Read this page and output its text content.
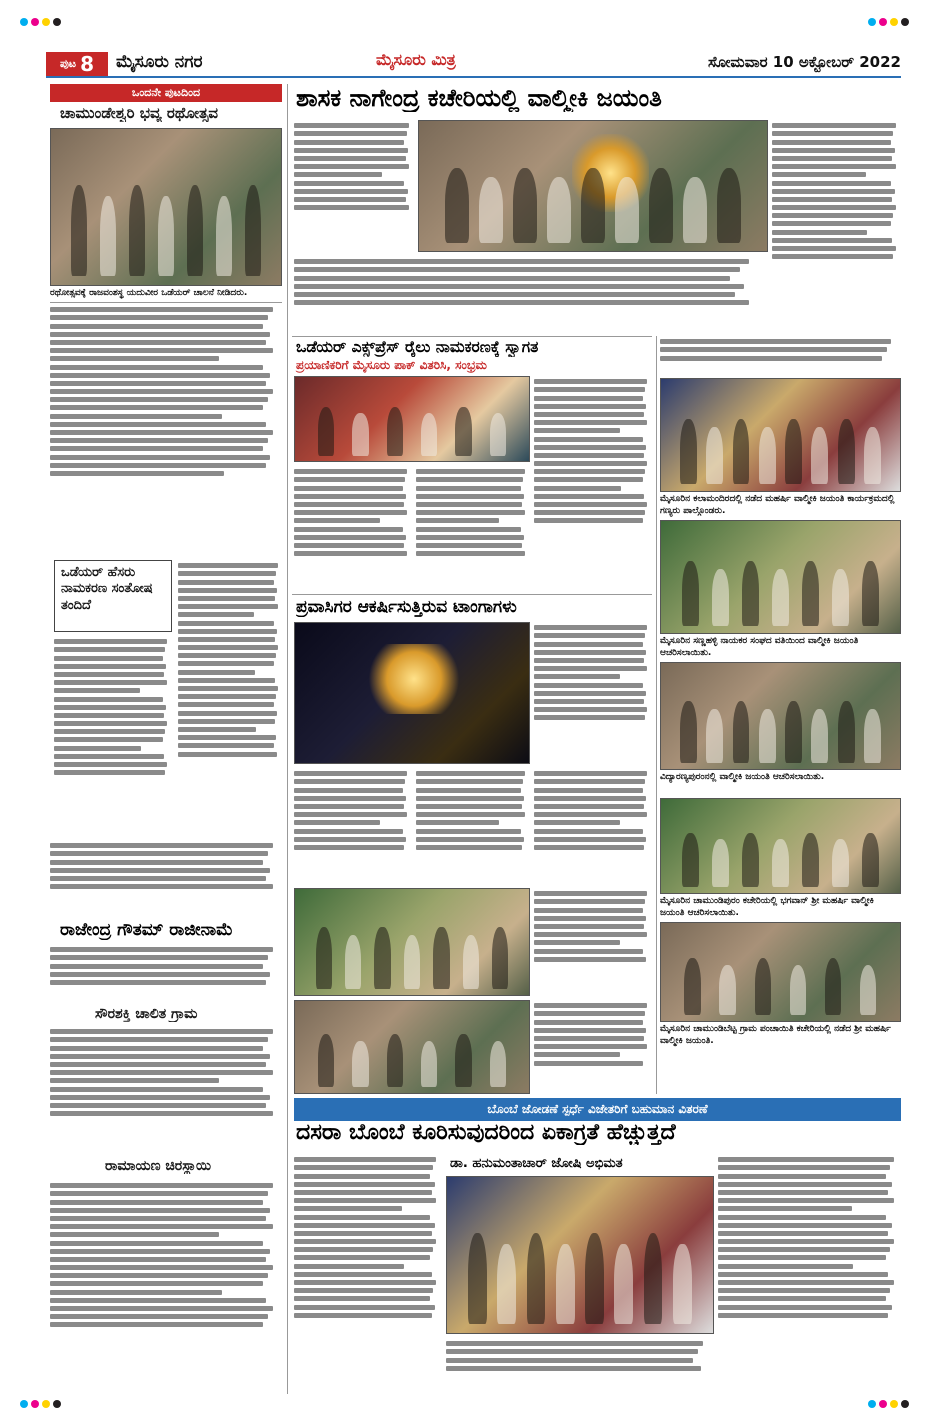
ಪುಟ 8 ಮೈಸೂರು ನಗರ	ಮೈಸೂರು ಮಿತ್ರ	ಸೋಮವಾರ 10 ಅಕ್ಟೋಬರ್ 2022
ಒಂದನೇ ಪುಟದಿಂದ
ಚಾಮುಂಡೇಶ್ವರಿ ಭವ್ಯ ರಥೋತ್ಸವ
ರಥೋತ್ಸವಕ್ಕೆ ರಾಜವಂಶಸ್ಥ ಯದುವೀರ ಒಡೆಯರ್ ಚಾಲನೆ ನೀಡಿದರು.
ಒಡೆಯರ್ ಹೆಸರು ನಾಮಕರಣ ಸಂತೋಷ ತಂದಿದೆ
ರಾಜೇಂದ್ರ ಗೌತಮ್ ರಾಜೀನಾಮೆ
ಸೌರಶಕ್ತಿ ಚಾಲಿತ ಗ್ರಾಮ
ರಾಮಾಯಣ ಚಿರಸ್ಥಾಯಿ
ಶಾಸಕ ನಾಗೇಂದ್ರ ಕಚೇರಿಯಲ್ಲಿ ವಾಲ್ಮೀಕಿ ಜಯಂತಿ
ಒಡೆಯರ್ ಎಕ್ಸ್‌ಪ್ರೆಸ್ ರೈಲು ನಾಮಕರಣಕ್ಕೆ ಸ್ವಾಗತ
ಪ್ರಯಾಣಿಕರಿಗೆ ಮೈಸೂರು ಪಾಕ್ ವಿತರಿಸಿ, ಸಂಭ್ರಮ
ಪ್ರವಾಸಿಗರ ಆಕರ್ಷಿಸುತ್ತಿರುವ ಟಾಂಗಾಗಳು
ಮೈಸೂರಿನ ಕಲಾಮಂದಿರದಲ್ಲಿ ನಡೆದ ಮಹರ್ಷಿ ವಾಲ್ಮೀಕಿ ಜಯಂತಿ ಕಾರ್ಯಕ್ರಮದಲ್ಲಿ ಗಣ್ಯರು ಪಾಲ್ಗೊಂಡರು.
ಮೈಸೂರಿನ ಸಣ್ಣಹಳ್ಳಿ ನಾಯಕರ ಸಂಘದ ವತಿಯಿಂದ ವಾಲ್ಮೀಕಿ ಜಯಂತಿ ಆಚರಿಸಲಾಯಿತು.
ವಿದ್ಯಾರಣ್ಯಪುರಂನಲ್ಲಿ ವಾಲ್ಮೀಕಿ ಜಯಂತಿ ಆಚರಿಸಲಾಯಿತು.
ಮೈಸೂರಿನ ಚಾಮುಂಡಿಪುರಂ ಕಚೇರಿಯಲ್ಲಿ ಭಗವಾನ್ ಶ್ರೀ ಮಹರ್ಷಿ ವಾಲ್ಮೀಕಿ ಜಯಂತಿ ಆಚರಿಸಲಾಯಿತು.
ಮೈಸೂರಿನ ಚಾಮುಂಡಿಬೆಟ್ಟ ಗ್ರಾಮ ಪಂಚಾಯಿತಿ ಕಚೇರಿಯಲ್ಲಿ ನಡೆದ ಶ್ರೀ ಮಹರ್ಷಿ ವಾಲ್ಮೀಕಿ ಜಯಂತಿ.
ಬೊಂಬೆ ಜೋಡಣೆ ಸ್ಪರ್ಧೆ ವಿಜೇತರಿಗೆ ಬಹುಮಾನ ವಿತರಣೆ
ದಸರಾ ಬೊಂಬೆ ಕೂರಿಸುವುದರಿಂದ ಏಕಾಗ್ರತೆ ಹೆಚ್ಚುತ್ತದೆ
ಡಾ. ಹನುಮಂತಾಚಾರ್ ಜೋಷಿ ಅಭಿಮತ
